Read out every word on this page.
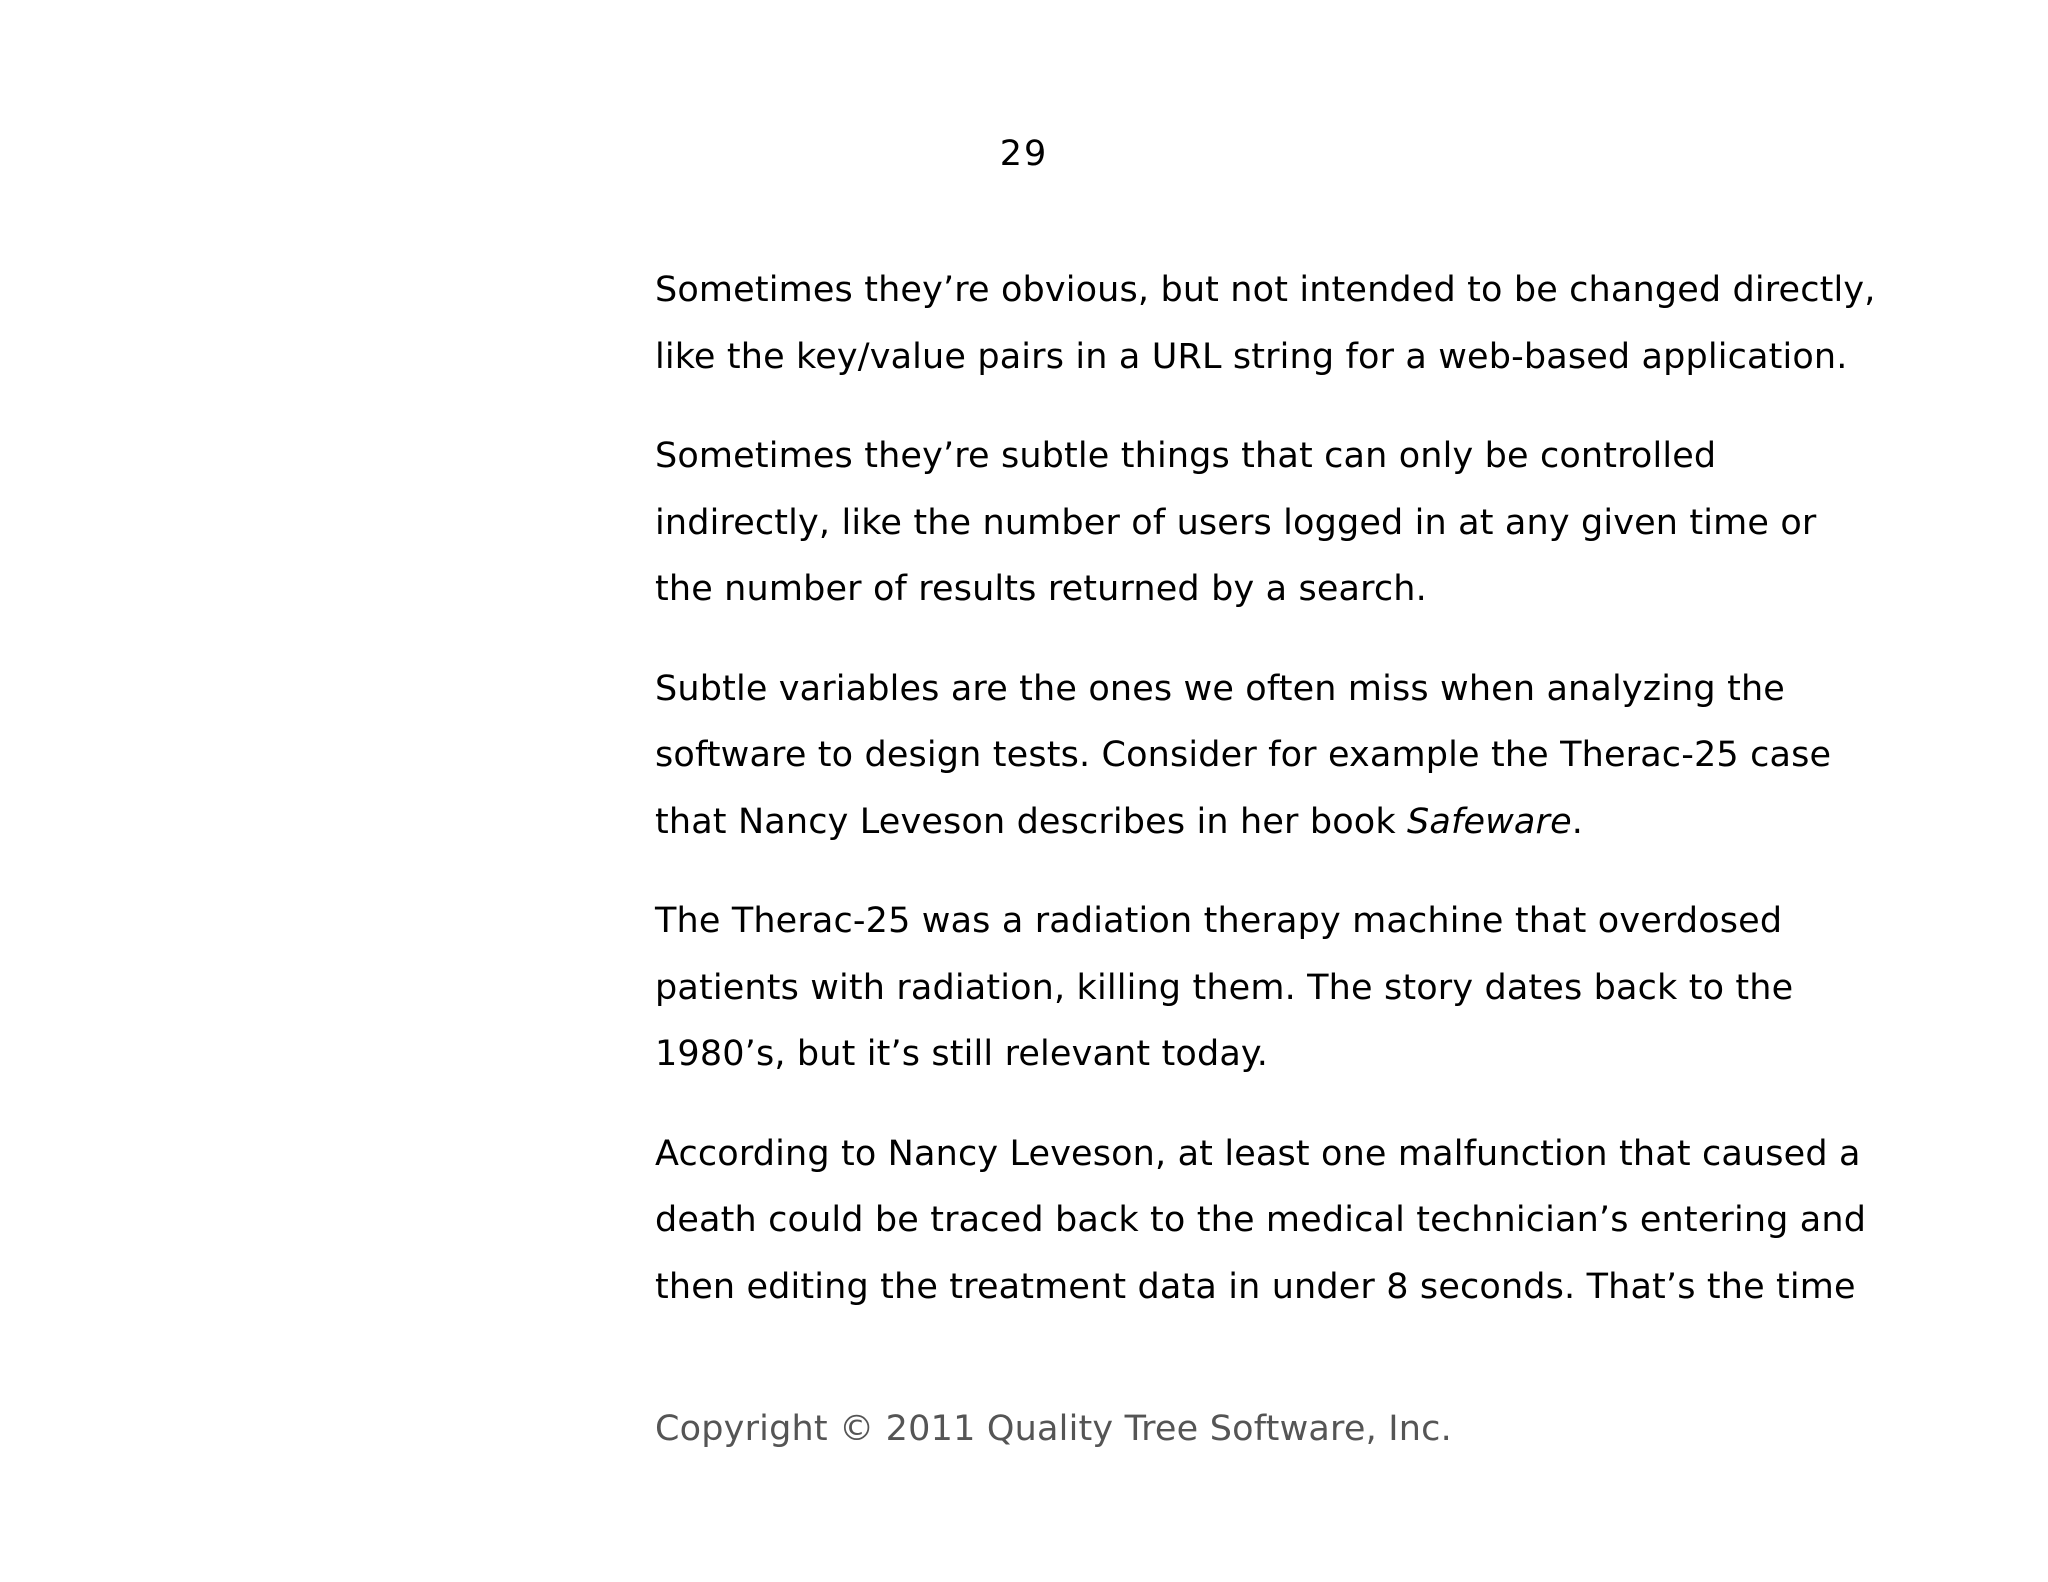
29

Sometimes they’re obvious, but not intended to be changed directly,
like the key/value pairs in a URL string for a web-based application.

Sometimes they’re subtle things that can only be controlled
indirectly, like the number of users logged in at any given time or
the number of results returned by a search.

Subtle variables are the ones we often miss when analyzing the
software to design tests. Consider for example the Therac-25 case
that Nancy Leveson describes in her book Safeware.

The Therac-25 was a radiation therapy machine that overdosed
patients with radiation, killing them. The story dates back to the
1980’s, but it’s still relevant today.

According to Nancy Leveson, at least one malfunction that caused a
death could be traced back to the medical technician’s entering and
then editing the treatment data in under 8 seconds. That’s the time

Copyright © 2011 Quality Tree Software, Inc.
